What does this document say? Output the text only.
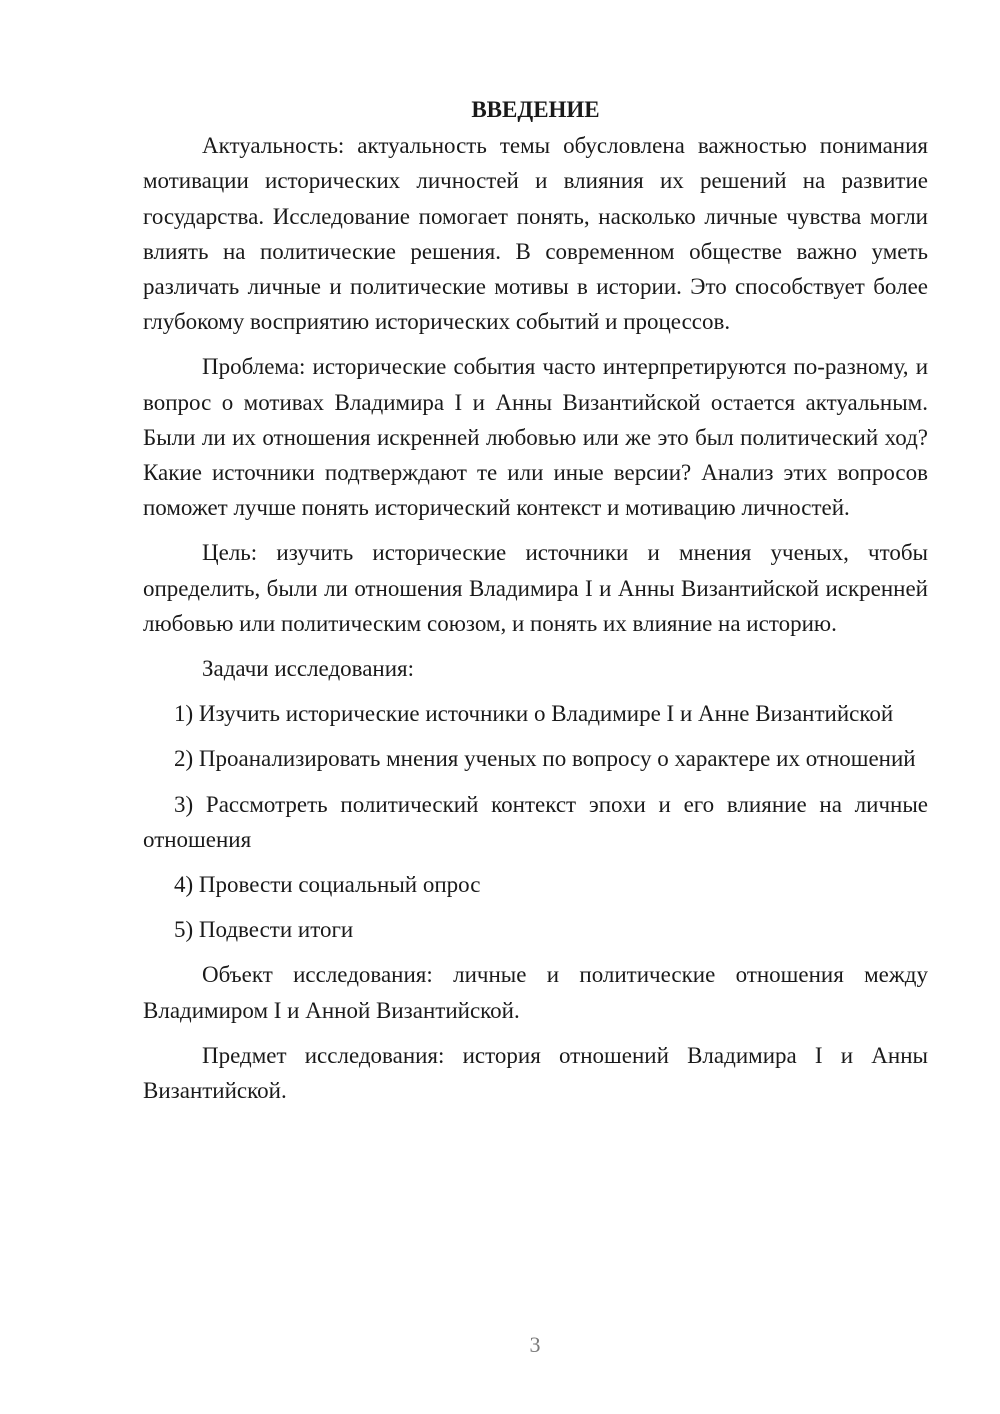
ВВЕДЕНИЕ

Актуальность: актуальность темы обусловлена важностью понимания мотивации исторических личностей и влияния их решений на развитие государства. Исследование помогает понять, насколько личные чувства могли влиять на политические решения. В современном обществе важно уметь различать личные и политические мотивы в истории. Это способствует более глубокому восприятию исторических событий и процессов.

Проблема: исторические события часто интерпретируются по-разному, и вопрос о мотивах Владимира I и Анны Византийской остается актуальным. Были ли их отношения искренней любовью или же это был политический ход? Какие источники подтверждают те или иные версии? Анализ этих вопросов поможет лучше понять исторический контекст и мотивацию личностей.

Цель: изучить исторические источники и мнения ученых, чтобы определить, были ли отношения Владимира I и Анны Византийской искренней любовью или политическим союзом, и понять их влияние на историю.

Задачи исследования:

1) Изучить исторические источники о Владимире I и Анне Византийской

2) Проанализировать мнения ученых по вопросу о характере их отношений

3) Рассмотреть политический контекст эпохи и его влияние на личные отношения

4) Провести социальный опрос

5) Подвести итоги

Объект исследования: личные и политические отношения между Владимиром I и Анной Византийской.

Предмет исследования: история отношений Владимира I и Анны Византийской.

3
